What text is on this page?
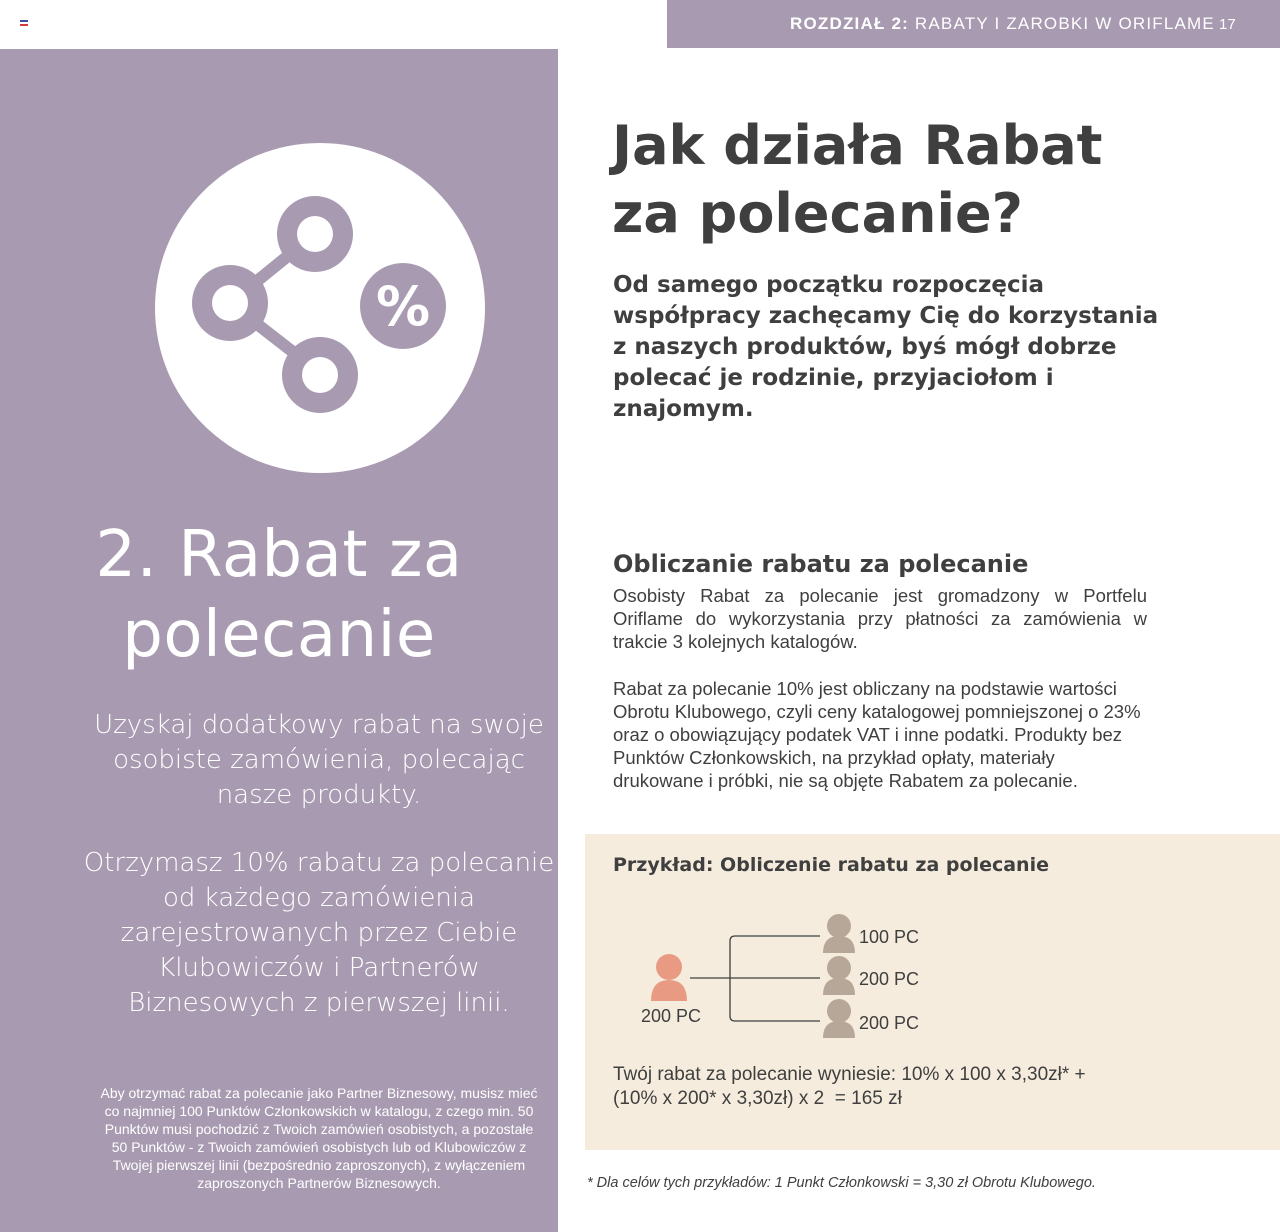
ROZDZIAŁ 2: RABATY I ZAROBKI W ORIFLAME 17
%
2. Rabat za
polecanie

Uzyskaj dodatkowy rabat na swoje osobiste zamówienia, polecając nasze produkty.

Otrzymasz 10% rabatu za polecanie od każdego zamówienia zarejestrowanych przez Ciebie Klubowiczów i Partnerów Biznesowych z pierwszej linii.

Aby otrzymać rabat za polecanie jako Partner Biznesowy, musisz mieć co najmniej 100 Punktów Członkowskich w katalogu, z czego min. 50 Punktów musi pochodzić z Twoich zamówień osobistych, a pozostałe 50 Punktów - z Twoich zamówień osobistych lub od Klubowiczów z Twojej pierwszej linii (bezpośrednio zaproszonych), z wyłączeniem zaproszonych Partnerów Biznesowych.

Jak działa Rabat
za polecanie?

Od samego początku rozpoczęcia współpracy zachęcamy Cię do korzystania z naszych produktów, byś mógł dobrze polecać je rodzinie, przyjaciołom i znajomym.

Obliczanie rabatu za polecanie

Osobisty Rabat za polecanie jest gromadzony w Portfelu Oriflame do wykorzystania przy płatności za zamówienia w trakcie 3 kolejnych katalogów.

Rabat za polecanie 10% jest obliczany na podstawie wartości Obrotu Klubowego, czyli ceny katalogowej pomniejszonej o 23% oraz o obowiązujący podatek VAT i inne podatki. Produkty bez Punktów Członkowskich, na przykład opłaty, materiały drukowane i próbki, nie są objęte Rabatem za polecanie.

Przykład: Obliczenie rabatu za polecanie
200 PC
100 PC
200 PC
200 PC
Twój rabat za polecanie wyniesie: 10% x 100 x 3,30zł* +
(10% x 200* x 3,30zł) x 2  = 165 zł
* Dla celów tych przykładów: 1 Punkt Członkowski = 3,30 zł Obrotu Klubowego.
